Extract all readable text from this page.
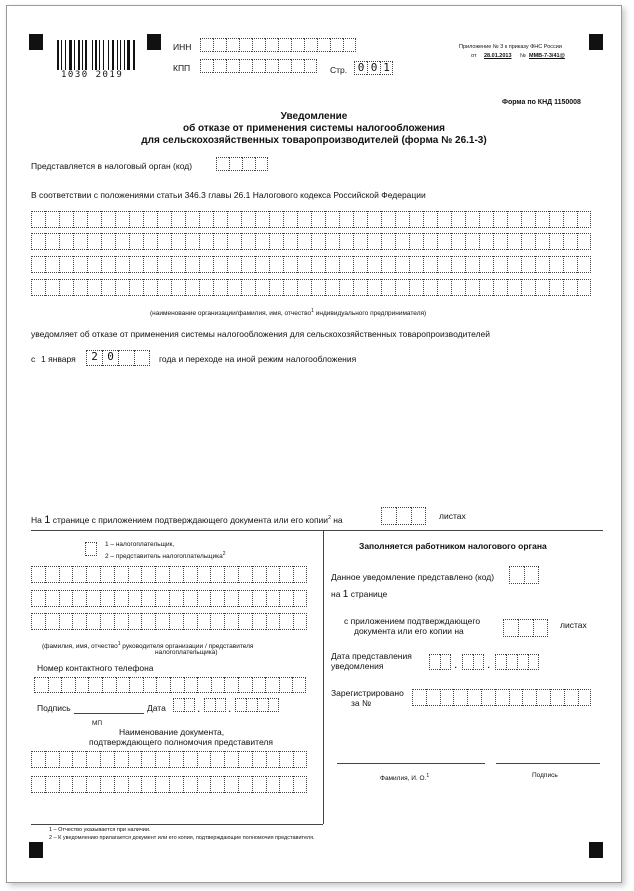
1030 2019
ИНН
КПП	Стр. 0 0 1
Приложение № 3 к приказу ФНС России
от 28.01.2013 № ММВ-7-3/41@
Форма по КНД 1150008
Уведомление
об отказе от применения системы налогообложения
для сельскохозяйственных товаропроизводителей (форма № 26.1-3)
Представляется в налоговый орган (код)
В соответствии с положениями статьи 346.3 главы 26.1 Налогового кодекса Российской Федерации
(наименование организации/фамилия, имя, отчество$^1$ индивидуального предпринимателя)
уведомляет об отказе от применения системы налогообложения для сельскохозяйственных товаропроизводителей
с 1 января	2 0	года и переходе на иной режим налогообложения
На 1 странице с приложением подтверждающего документа или его копии$^2$ на	листах
1 – налогоплательщик,
2 – представитель налогоплательщика$^2$
(фамилия, имя, отчество$^1$ руководителя организации / представителя
налогоплательщика)
Номер контактного телефона
Подпись	Дата	. .
МП
Наименование документа,
подтверждающего полномочия представителя
Заполняется работником налогового органа
Данное уведомление представлено (код)
на 1 странице
с приложением подтверждающего
документа или его копии на
листах
Дата представления
уведомления	. .
Зарегистрировано
за №
Фамилия, И. О.$^1$	Подпись
1 – Отчество указывается при наличии.
2 – К уведомлению прилагается документ или его копия, подтверждающие полномочия представителя.
